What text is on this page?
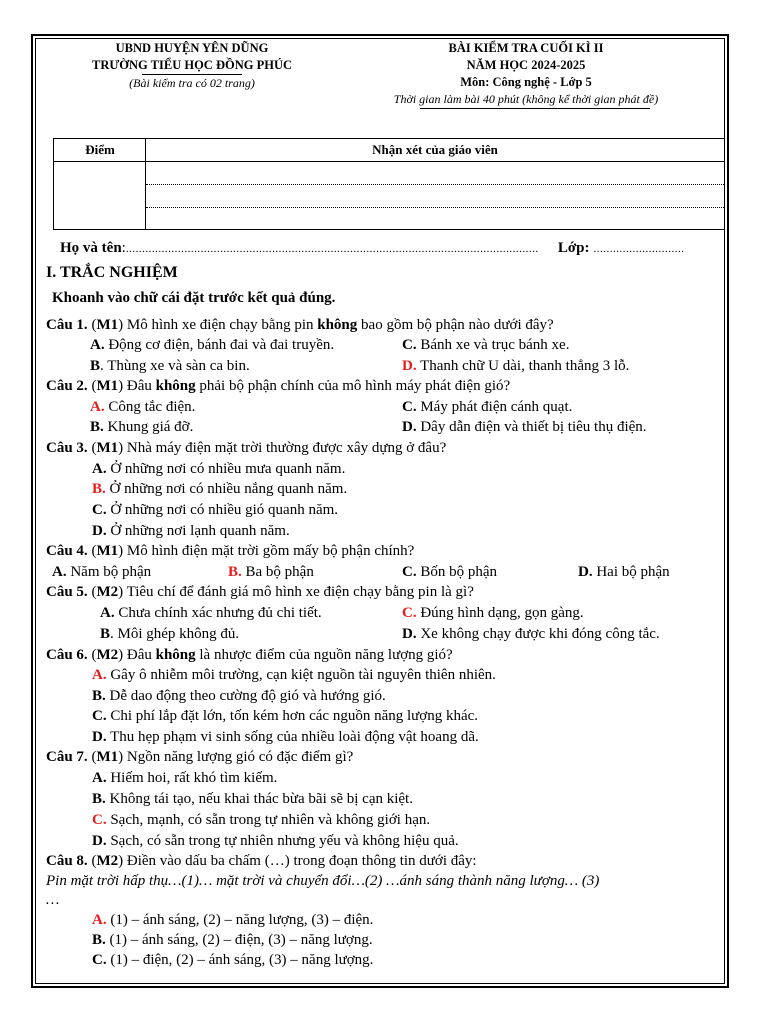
UBND HUYỆN YÊN DŨNG
TRƯỜNG TIỂU HỌC ĐỒNG PHÚC
(Bài kiểm tra có 02 trang)
BÀI KIỂM TRA CUỐI KÌ II
NĂM HỌC 2024-2025
Môn: Công nghệ - Lớp 5
Thời gian làm bài 40 phút (không kể thời gian phát đề)
Điểm	Nhận xét của giáo viên
Họ và tên : ...............................................................................................................................	Lớp: ............................
I. TRẮC NGHIỆM
Khoanh vào chữ cái đặt trước kết quả đúng.
Câu 1. (M1) Mô hình xe điện chạy bằng pin không bao gồm bộ phận nào dưới đây?
A. Động cơ điện, bánh đai và đai truyền.	C. Bánh xe và trục bánh xe.
B. Thùng xe và sàn ca bin.	D. Thanh chữ U dài, thanh thẳng 3 lỗ.
Câu 2. (M1) Đâu không phải bộ phận chính của mô hình máy phát điện gió?
A. Công tắc điện.	C. Máy phát điện cánh quạt.
B. Khung giá đỡ.	D. Dây dẫn điện và thiết bị tiêu thụ điện.
Câu 3. (M1) Nhà máy điện mặt trời thường được xây dựng ở đâu?
A. Ở những nơi có nhiều mưa quanh năm.
B. Ở những nơi có nhiều nắng quanh năm.
C. Ở những nơi có nhiều gió quanh năm.
D. Ở những nơi lạnh quanh năm.
Câu 4. (M1) Mô hình điện mặt trời gồm mấy bộ phận chính?
A. Năm bộ phận	B. Ba bộ phận	C. Bốn bộ phận	D. Hai bộ phận
Câu 5. (M2) Tiêu chí để đánh giá mô hình xe điện chạy bằng pin là gì?
A. Chưa chính xác nhưng đủ chi tiết.	C. Đúng hình dạng, gọn gàng.
B. Môi ghép không đủ.	D. Xe không chạy được khi đóng công tắc.
Câu 6. (M2) Đâu không là nhược điểm của nguồn năng lượng gió?
A. Gây ô nhiễm môi trường, cạn kiệt nguồn tài nguyên thiên nhiên.
B. Dễ dao động theo cường độ gió và hướng gió.
C. Chi phí lắp đặt lớn, tốn kém hơn các nguồn năng lượng khác.
D. Thu hẹp phạm vi sinh sống của nhiều loài động vật hoang dã.
Câu 7. (M1) Ngồn năng lượng gió có đặc điểm gì?
A. Hiếm hoi, rất khó tìm kiếm.
B. Không tái tạo, nếu khai thác bừa bãi sẽ bị cạn kiệt.
C. Sạch, mạnh, có sẵn trong tự nhiên và không giới hạn.
D. Sạch, có sẵn trong tự nhiên nhưng yếu và không hiệu quả.
Câu 8. (M2) Điền vào dấu ba chấm (…) trong đoạn thông tin dưới đây:
Pin mặt trời hấp thụ…(1)… mặt trời và chuyển đổi…(2) …ánh sáng thành năng lượng… (3)
…
A. (1) – ánh sáng, (2) – năng lượng, (3) – điện.
B. (1) – ánh sáng, (2) – điện, (3) – năng lượng.
C. (1) – điện, (2) – ánh sáng, (3) – năng lượng.
